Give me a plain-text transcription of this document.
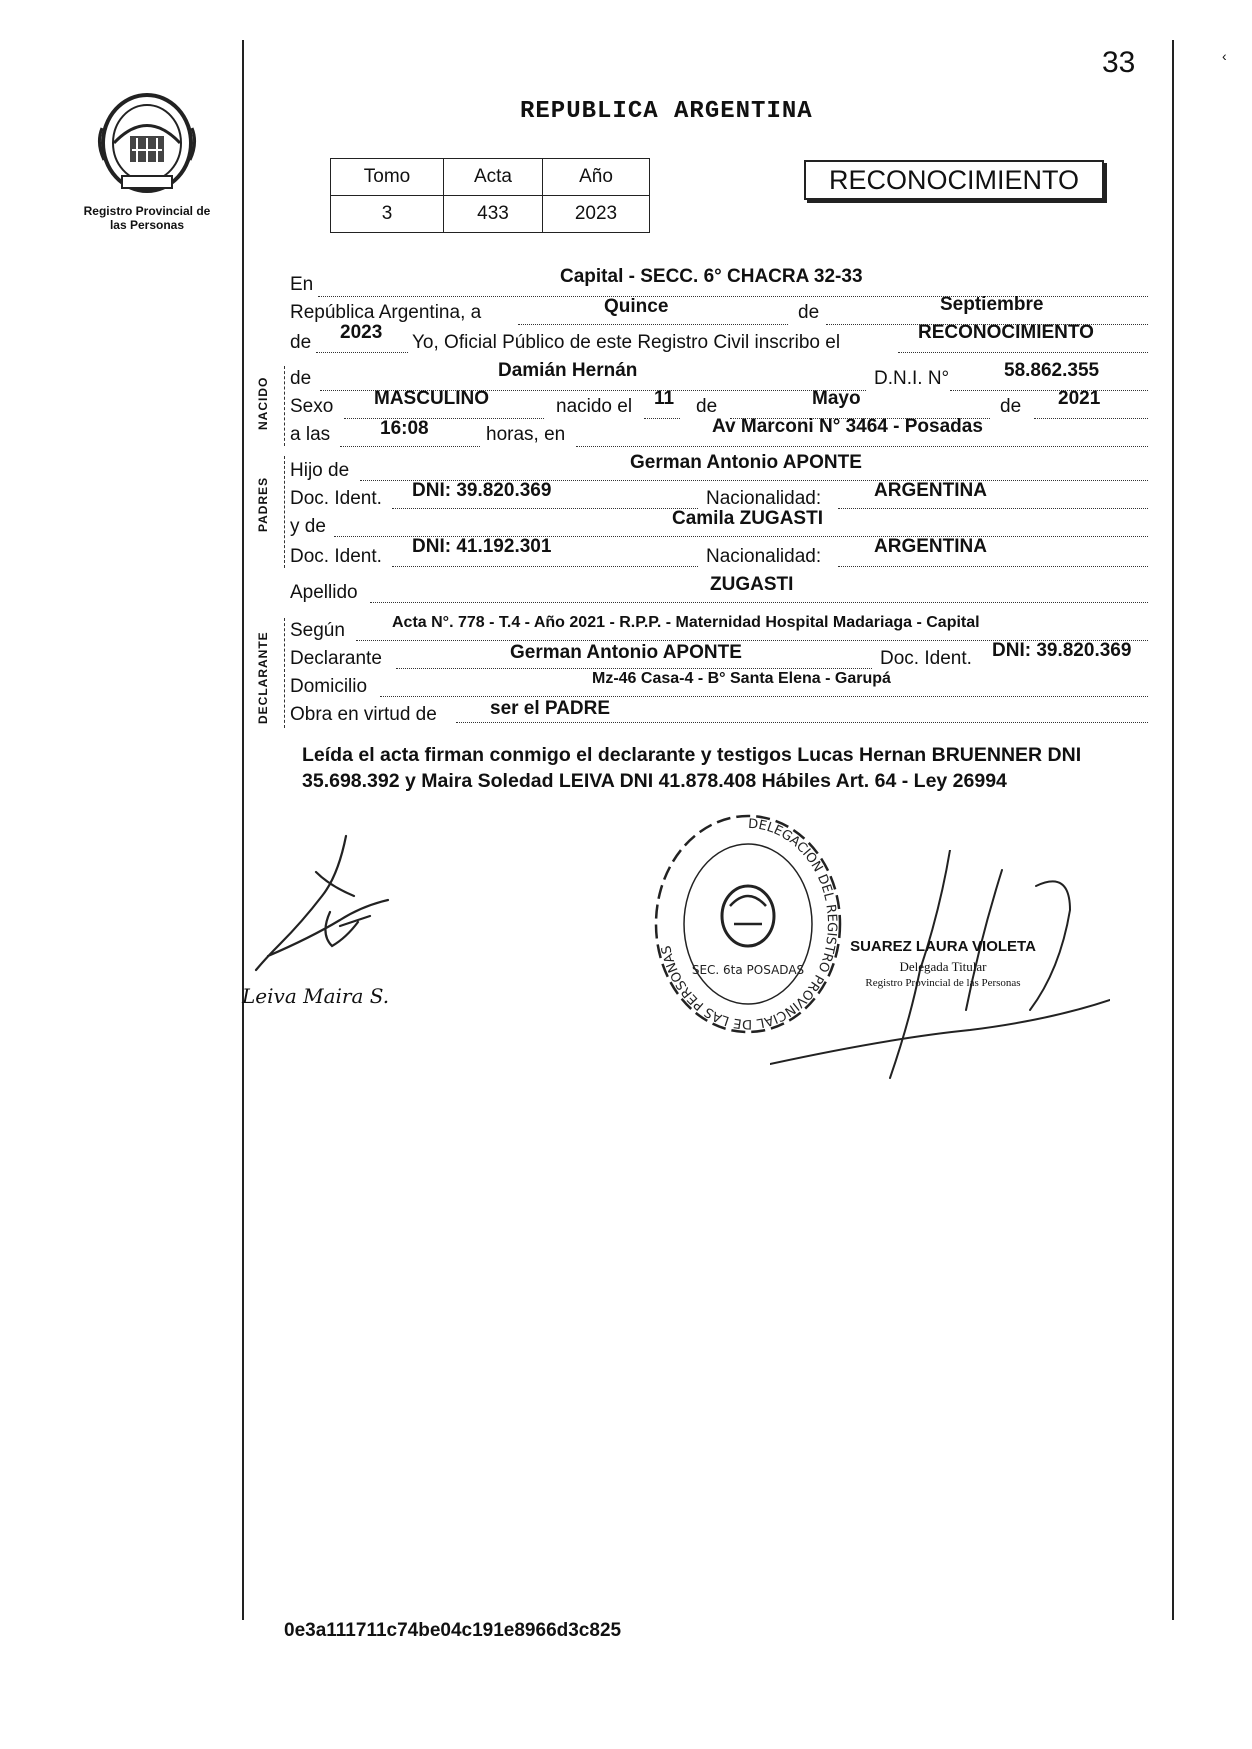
Registro Provincial de las Personas
33	‹
REPUBLICA ARGENTINA
Tomo	Acta	Año
3	433	2023
RECONOCIMIENTO
En	Capital - SECC. 6° CHACRA 32-33
República Argentina, a	Quince	de	Septiembre
de 2023 Yo, Oficial Público de este Registro Civil inscribo el	RECONOCIMIENTO
NACIDO de	Damián Hernán	D.N.I. N°	58.862.355
Sexo MASCULINO	nacido el 11 de	Mayo	de 2021
a las	16:08	horas, en	Av Marconi N° 3464 - Posadas
PADRES
Hijo de	German Antonio APONTE
Doc. Ident. DNI: 39.820.369	Nacionalidad:	ARGENTINA
y de	Camila ZUGASTI
Doc. Ident. DNI: 41.192.301	Nacionalidad:	ARGENTINA
Apellido	ZUGASTI
DECLARANTE
Según	Acta N°. 778 - T.4 - Año 2021 - R.P.P. - Maternidad Hospital Madariaga - Capital
Declarante	German Antonio APONTE	Doc. Ident. DNI: 39.820.369
Domicilio	Mz-46 Casa-4 - B° Santa Elena - Garupá
Obra en virtud de	ser el PADRE
Leída el acta firman conmigo el declarante y testigos Lucas Hernan BRUENNER DNI 35.698.392 y Maira Soledad LEIVA DNI 41.878.408 Hábiles Art. 64 - Ley 26994
Leiva Maira S.
DELEGACION DEL REGISTRO PROVINCIAL DE LAS PERSONAS
SEC. 6ta POSADAS
SUAREZ LAURA VIOLETA
Delegada Titular
Registro Provincial de las Personas
0e3a111711c74be04c191e8966d3c825
